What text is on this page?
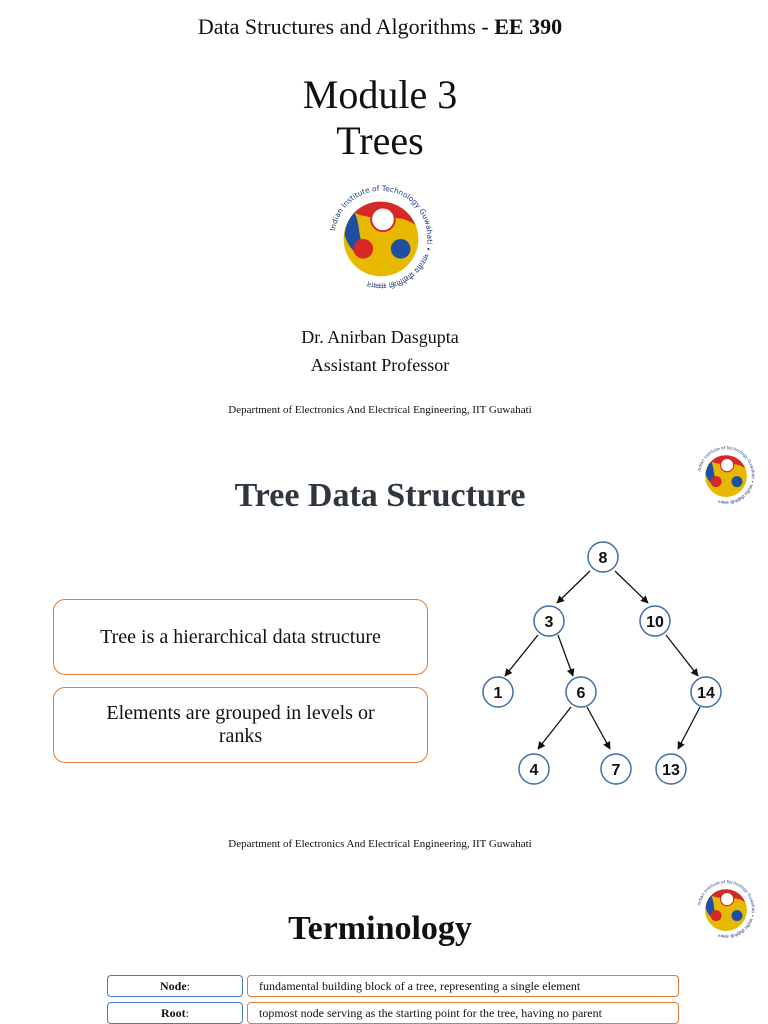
Data Structures and Algorithms - EE 390
Module 3
Trees
Dr. Anirban Dasgupta
Assistant Professor
Department of Electronics And Electrical Engineering, IIT Guwahati
Tree Data Structure
Tree is a hierarchical data structure
Elements are grouped in levels or ranks
8
3	10
1	6	14
4	7	13
Department of Electronics And Electrical Engineering, IIT Guwahati
Terminology
Node:	fundamental building block of a tree, representing a single element
Root:	topmost node serving as the starting point for the tree, having no parent
